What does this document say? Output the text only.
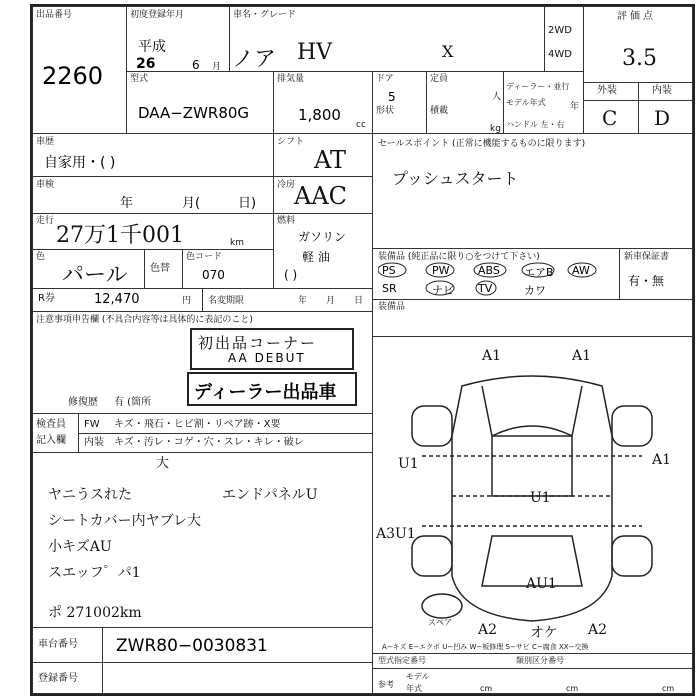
出品番号
2260
初度登録年月
平成
26	6 月
車名・グレード
ノア HV	X
2WD
4WD
評価点
3.5
外装	内装
C D
型式
DAA−ZWR80G
排気量
1,800
cc
ドア
5
形状
定員
人
積載
kg
ディーラー・並行
モデル年式	年
ハンドル 左・右
車歴
自家用・( )
シフト
AT
セールスポイント (正常に機能するものに限ります)
プッシュスタート
車検
年	月(	日)
冷房
AAC
走行
27万1千001	km
燃料
ガソリン
軽 油
( )
色
パール 色替
色コード
070
装備品 (純正品に限り○をつけて下さい)
PS	PW	ABS エアB AW
SR	ナビ TV	カワ
新車保証書
有・無
R券	12,470	円 名変期限	年 月 日
装備品
注意事項申告欄 (不具合内容等は具体的に表記のこと)
初出品コーナー
AA DEBUT
ディーラー出品車
修復歴 有 (箇所
検査員
記入欄
FW キズ・飛石・ヒビ割・リペア跡・X要
内装 キズ・汚レ・コゲ・穴・スレ・キレ・破レ
大
ヤニうスれた
シートカバー内ヤブレ大
小キズAU
スエッフ゜パ1
ポ 271002km
エンドパネルU
A1	A1
A1
U1
U1
A3U1
AU1
A2 オケ A2
スペア
A−キズ E−エクボ U−凹み W−板修理 S−サビ C−腐食 XX−交換
車台番号 ZWR80−0030831
登録番号
型式指定番号	類別区分番号
参考
モデル
年式	cm	cm	cm
